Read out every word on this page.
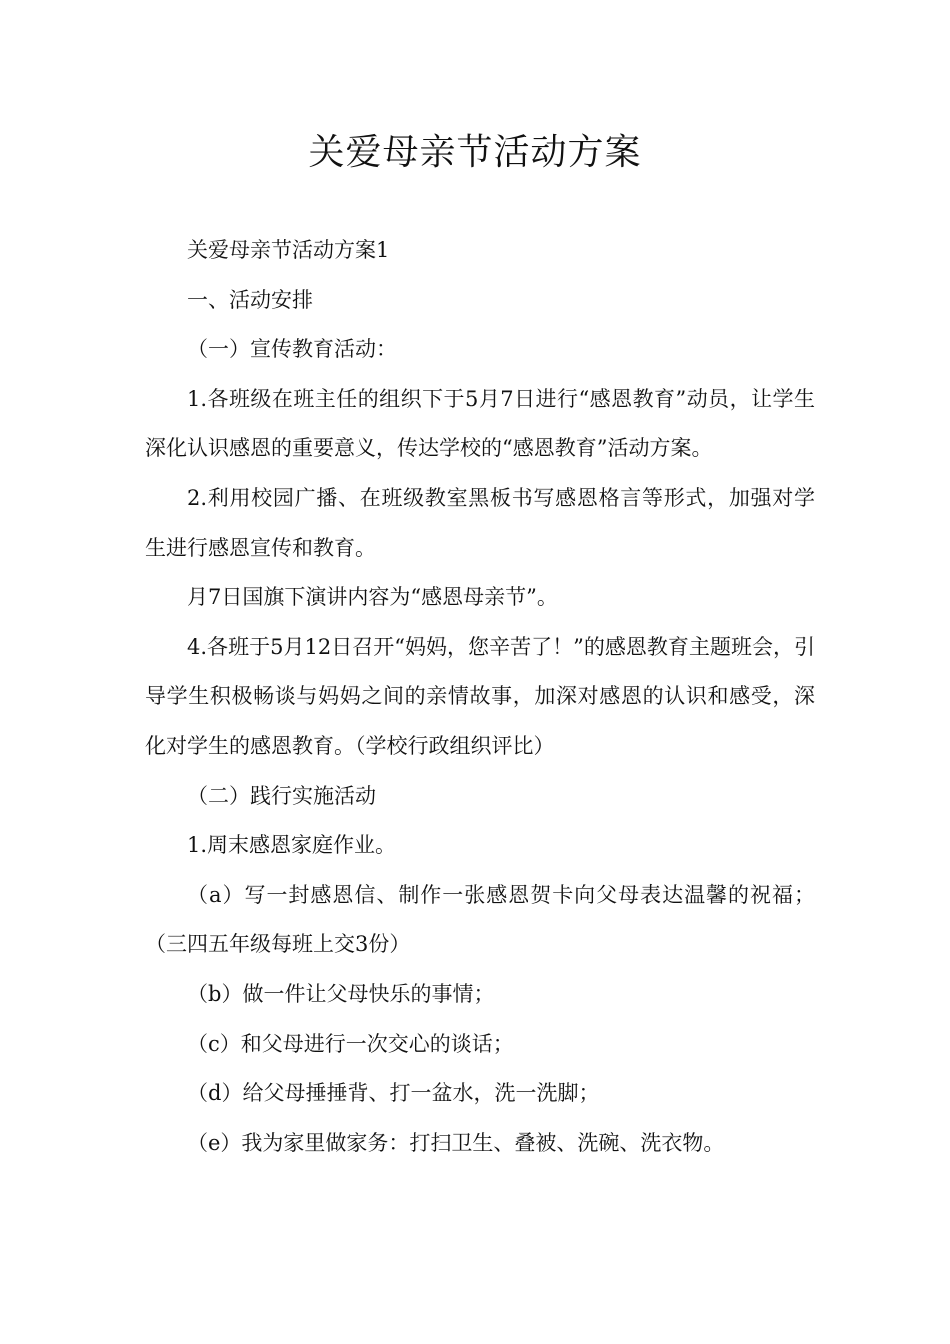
关爱母亲节活动方案

关爱母亲节活动方案1

一、活动安排

（一）宣传教育活动：

1.各班级在班主任的组织下于5月7日进行“感恩教育”动员，让学生深化认识感恩的重要意义，传达学校的“感恩教育”活动方案。

2.利用校园广播、在班级教室黑板书写感恩格言等形式，加强对学生进行感恩宣传和教育。

月7日国旗下演讲内容为“感恩母亲节”。

4.各班于5月12日召开“妈妈，您辛苦了！”的感恩教育主题班会，引导学生积极畅谈与妈妈之间的亲情故事，加深对感恩的认识和感受，深化对学生的感恩教育。（学校行政组织评比）

（二）践行实施活动

1.周末感恩家庭作业。

（a）写一封感恩信、制作一张感恩贺卡向父母表达温馨的祝福；（三四五年级每班上交3份）

（b）做一件让父母快乐的事情；

（c）和父母进行一次交心的谈话；

（d）给父母捶捶背、打一盆水，洗一洗脚；

（e）我为家里做家务：打扫卫生、叠被、洗碗、洗衣物。
